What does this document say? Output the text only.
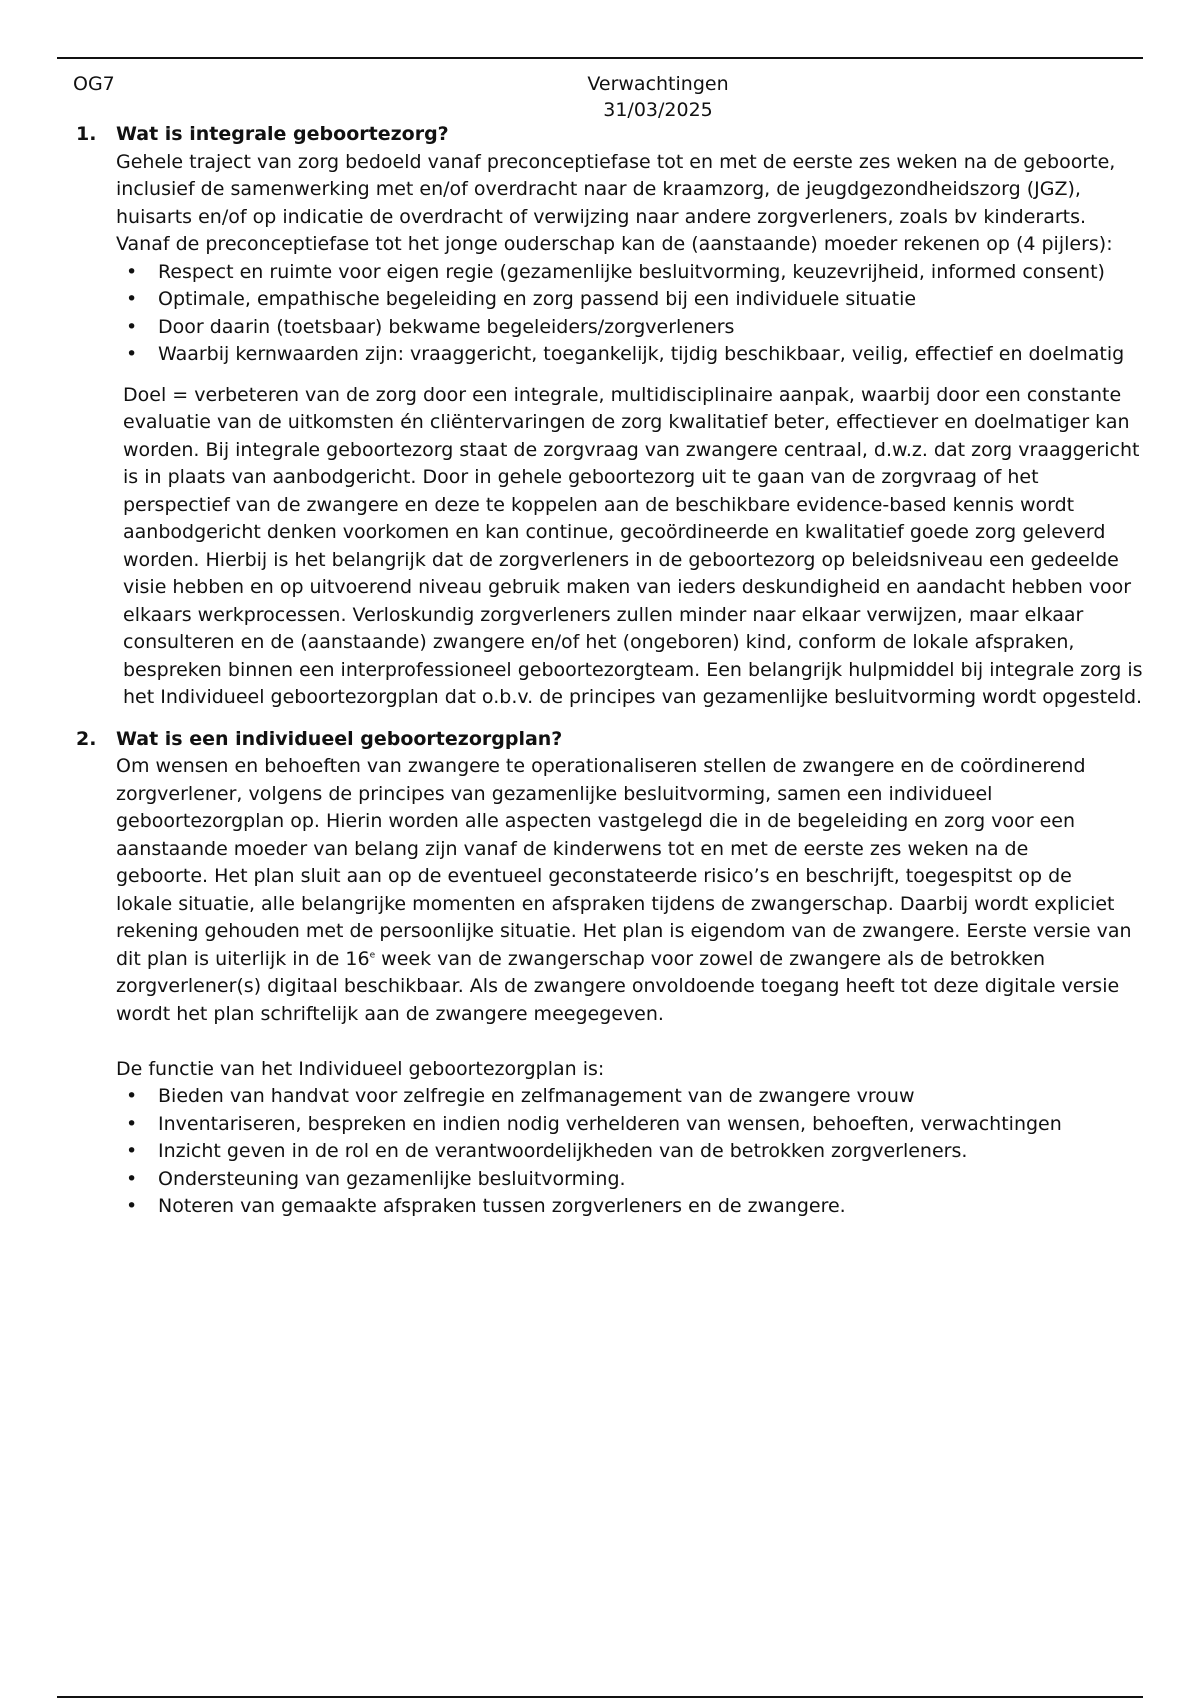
OG7	Verwachtingen
31/03/2025
1. Wat is integrale geboortezorg?

Gehele traject van zorg bedoeld vanaf preconceptiefase tot en met de eerste zes weken na de geboorte, inclusief de samenwerking met en/of overdracht naar de kraamzorg, de jeugdgezondheidszorg (JGZ), huisarts en/of op indicatie de overdracht of verwijzing naar andere zorgverleners, zoals bv kinderarts.

Vanaf de preconceptiefase tot het jonge ouderschap kan de (aanstaande) moeder rekenen op (4 pijlers):

• Respect en ruimte voor eigen regie (gezamenlijke besluitvorming, keuzevrijheid, informed consent)
• Optimale, empathische begeleiding en zorg passend bij een individuele situatie
• Door daarin (toetsbaar) bekwame begeleiders/zorgverleners
• Waarbij kernwaarden zijn: vraaggericht, toegankelijk, tijdig beschikbaar, veilig, effectief en doelmatig

Doel = verbeteren van de zorg door een integrale, multidisciplinaire aanpak, waarbij door een constante evaluatie van de uitkomsten én cliëntervaringen de zorg kwalitatief beter, effectiever en doelmatiger kan worden. Bij integrale geboortezorg staat de zorgvraag van zwangere centraal, d.w.z. dat zorg vraaggericht is in plaats van aanbodgericht. Door in gehele geboortezorg uit te gaan van de zorgvraag of het perspectief van de zwangere en deze te koppelen aan de beschikbare evidence-based kennis wordt aanbodgericht denken voorkomen en kan continue, gecoördineerde en kwalitatief goede zorg geleverd worden. Hierbij is het belangrijk dat de zorgverleners in de geboortezorg op beleidsniveau een gedeelde visie hebben en op uitvoerend niveau gebruik maken van ieders deskundigheid en aandacht hebben voor elkaars werkprocessen. Verloskundig zorgverleners zullen minder naar elkaar verwijzen, maar elkaar consulteren en de (aanstaande) zwangere en/of het (ongeboren) kind, conform de lokale afspraken, bespreken binnen een interprofessioneel geboortezorgteam. Een belangrijk hulpmiddel bij integrale zorg is het Individueel geboortezorgplan dat o.b.v. de principes van gezamenlijke besluitvorming wordt opgesteld.

2. Wat is een individueel geboortezorgplan?

Om wensen en behoeften van zwangere te operationaliseren stellen de zwangere en de coördinerend zorgverlener, volgens de principes van gezamenlijke besluitvorming, samen een individueel geboortezorgplan op. Hierin worden alle aspecten vastgelegd die in de begeleiding en zorg voor een

aanstaande moeder van belang zijn vanaf de kinderwens tot en met de eerste zes weken na de

geboorte. Het plan sluit aan op de eventueel geconstateerde risico’s en beschrijft, toegespitst op de

lokale situatie, alle belangrijke momenten en afspraken tijdens de zwangerschap. Daarbij wordt expliciet rekening gehouden met de persoonlijke situatie. Het plan is eigendom van de zwangere. Eerste versie van dit plan is uiterlijk in de 16e week van de zwangerschap voor zowel de zwangere als de betrokken zorgverlener(s) digitaal beschikbaar. Als de zwangere onvoldoende toegang heeft tot deze digitale versie wordt het plan schriftelijk aan de zwangere meegegeven.

De functie van het Individueel geboortezorgplan is:

• Bieden van handvat voor zelfregie en zelfmanagement van de zwangere vrouw
• Inventariseren, bespreken en indien nodig verhelderen van wensen, behoeften, verwachtingen
• Inzicht geven in de rol en de verantwoordelijkheden van de betrokken zorgverleners.
• Ondersteuning van gezamenlijke besluitvorming.
• Noteren van gemaakte afspraken tussen zorgverleners en de zwangere.
